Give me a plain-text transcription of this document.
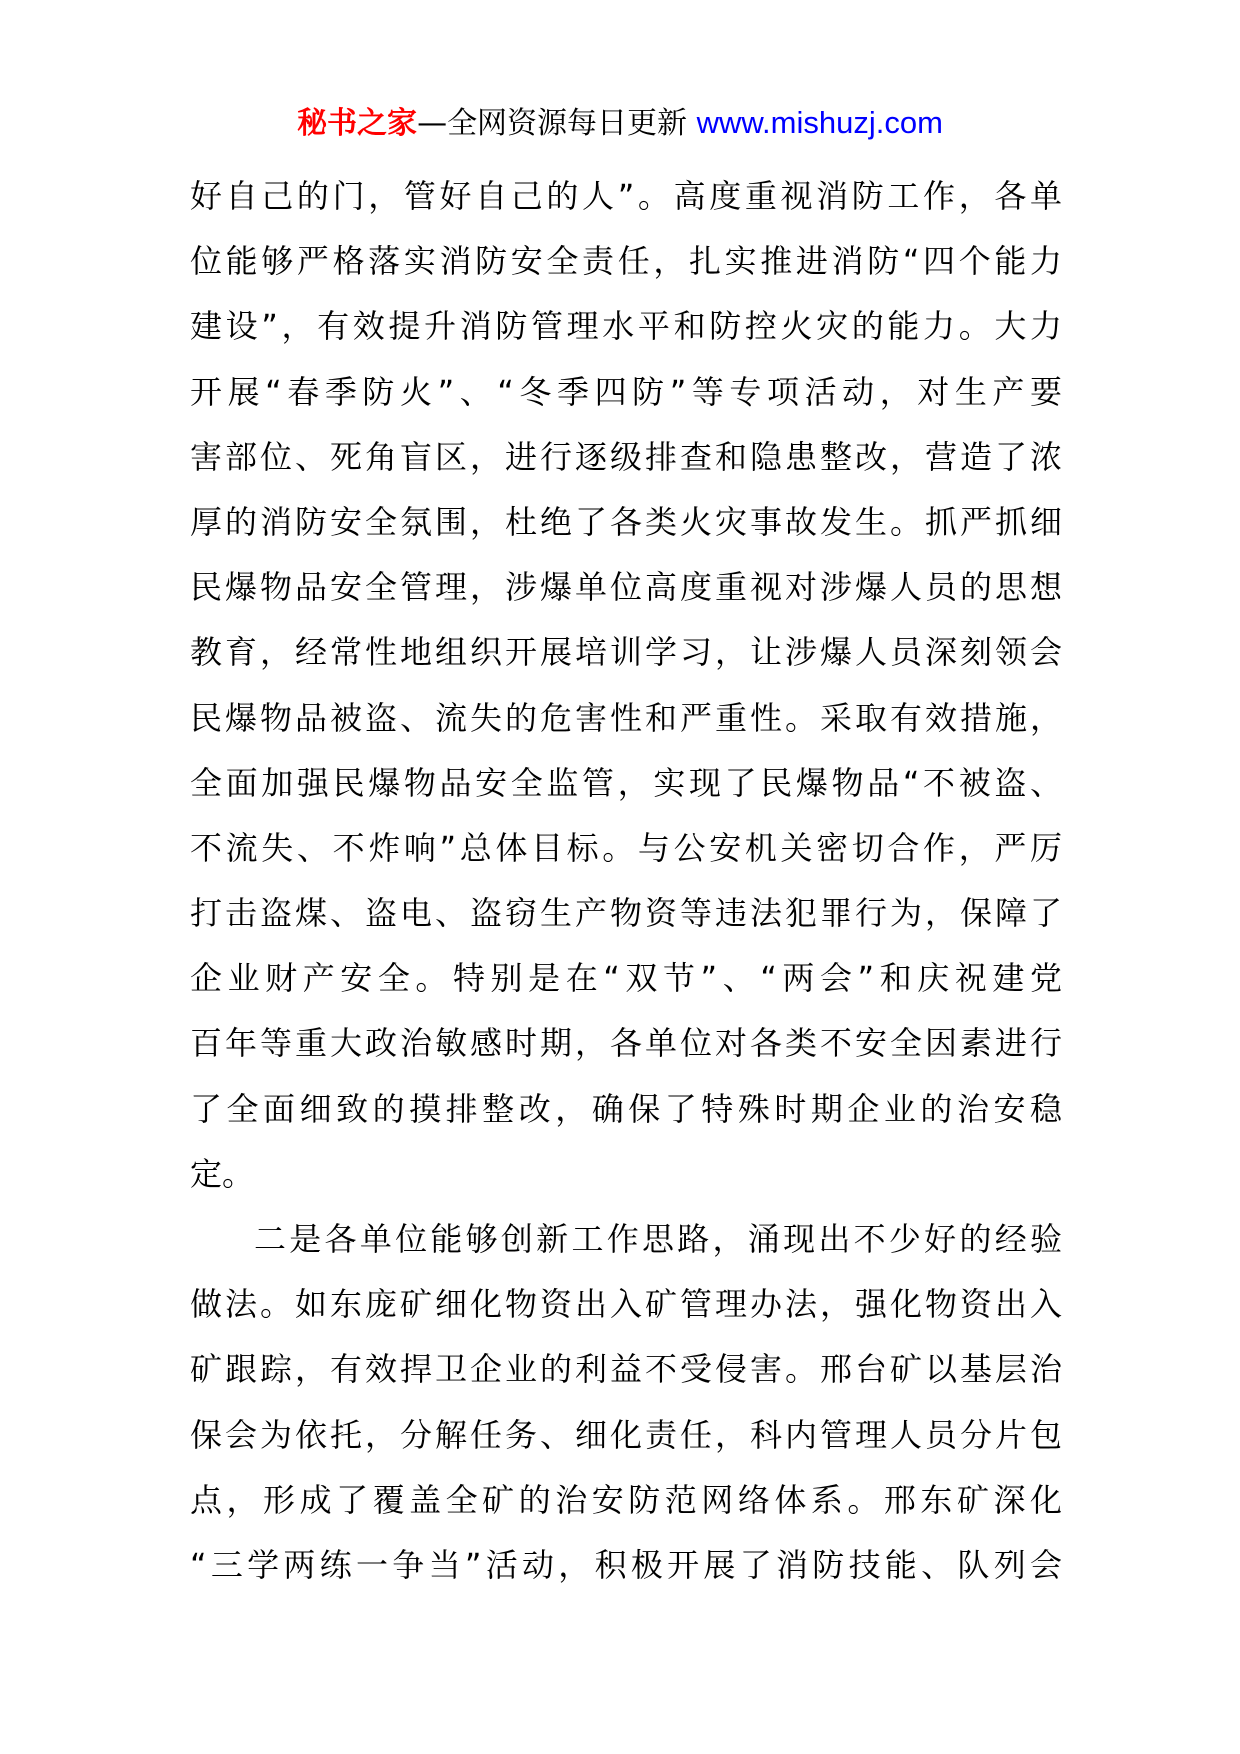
秘书之家—全网资源每日更新 www.mishuzj.com
好自己的门，管好自己的人”。高度重视消防工作，各单
位能够严格落实消防安全责任，扎实推进消防“四个能力
建设”，有效提升消防管理水平和防控火灾的能力。大力
开展“春季防火”、“冬季四防”等专项活动，对生产要
害部位、死角盲区，进行逐级排查和隐患整改，营造了浓
厚的消防安全氛围，杜绝了各类火灾事故发生。抓严抓细
民爆物品安全管理，涉爆单位高度重视对涉爆人员的思想
教育，经常性地组织开展培训学习，让涉爆人员深刻领会
民爆物品被盗、流失的危害性和严重性。采取有效措施，
全面加强民爆物品安全监管，实现了民爆物品“不被盗、
不流失、不炸响”总体目标。与公安机关密切合作，严厉
打击盗煤、盗电、盗窃生产物资等违法犯罪行为，保障了
企业财产安全。特别是在“双节”、“两会”和庆祝建党
百年等重大政治敏感时期，各单位对各类不安全因素进行
了全面细致的摸排整改，确保了特殊时期企业的治安稳
定。
二是各单位能够创新工作思路，涌现出不少好的经验
做法。如东庞矿细化物资出入矿管理办法，强化物资出入
矿跟踪，有效捍卫企业的利益不受侵害。邢台矿以基层治
保会为依托，分解任务、细化责任，科内管理人员分片包
点，形成了覆盖全矿的治安防范网络体系。邢东矿深化
“三学两练一争当”活动，积极开展了消防技能、队列会
